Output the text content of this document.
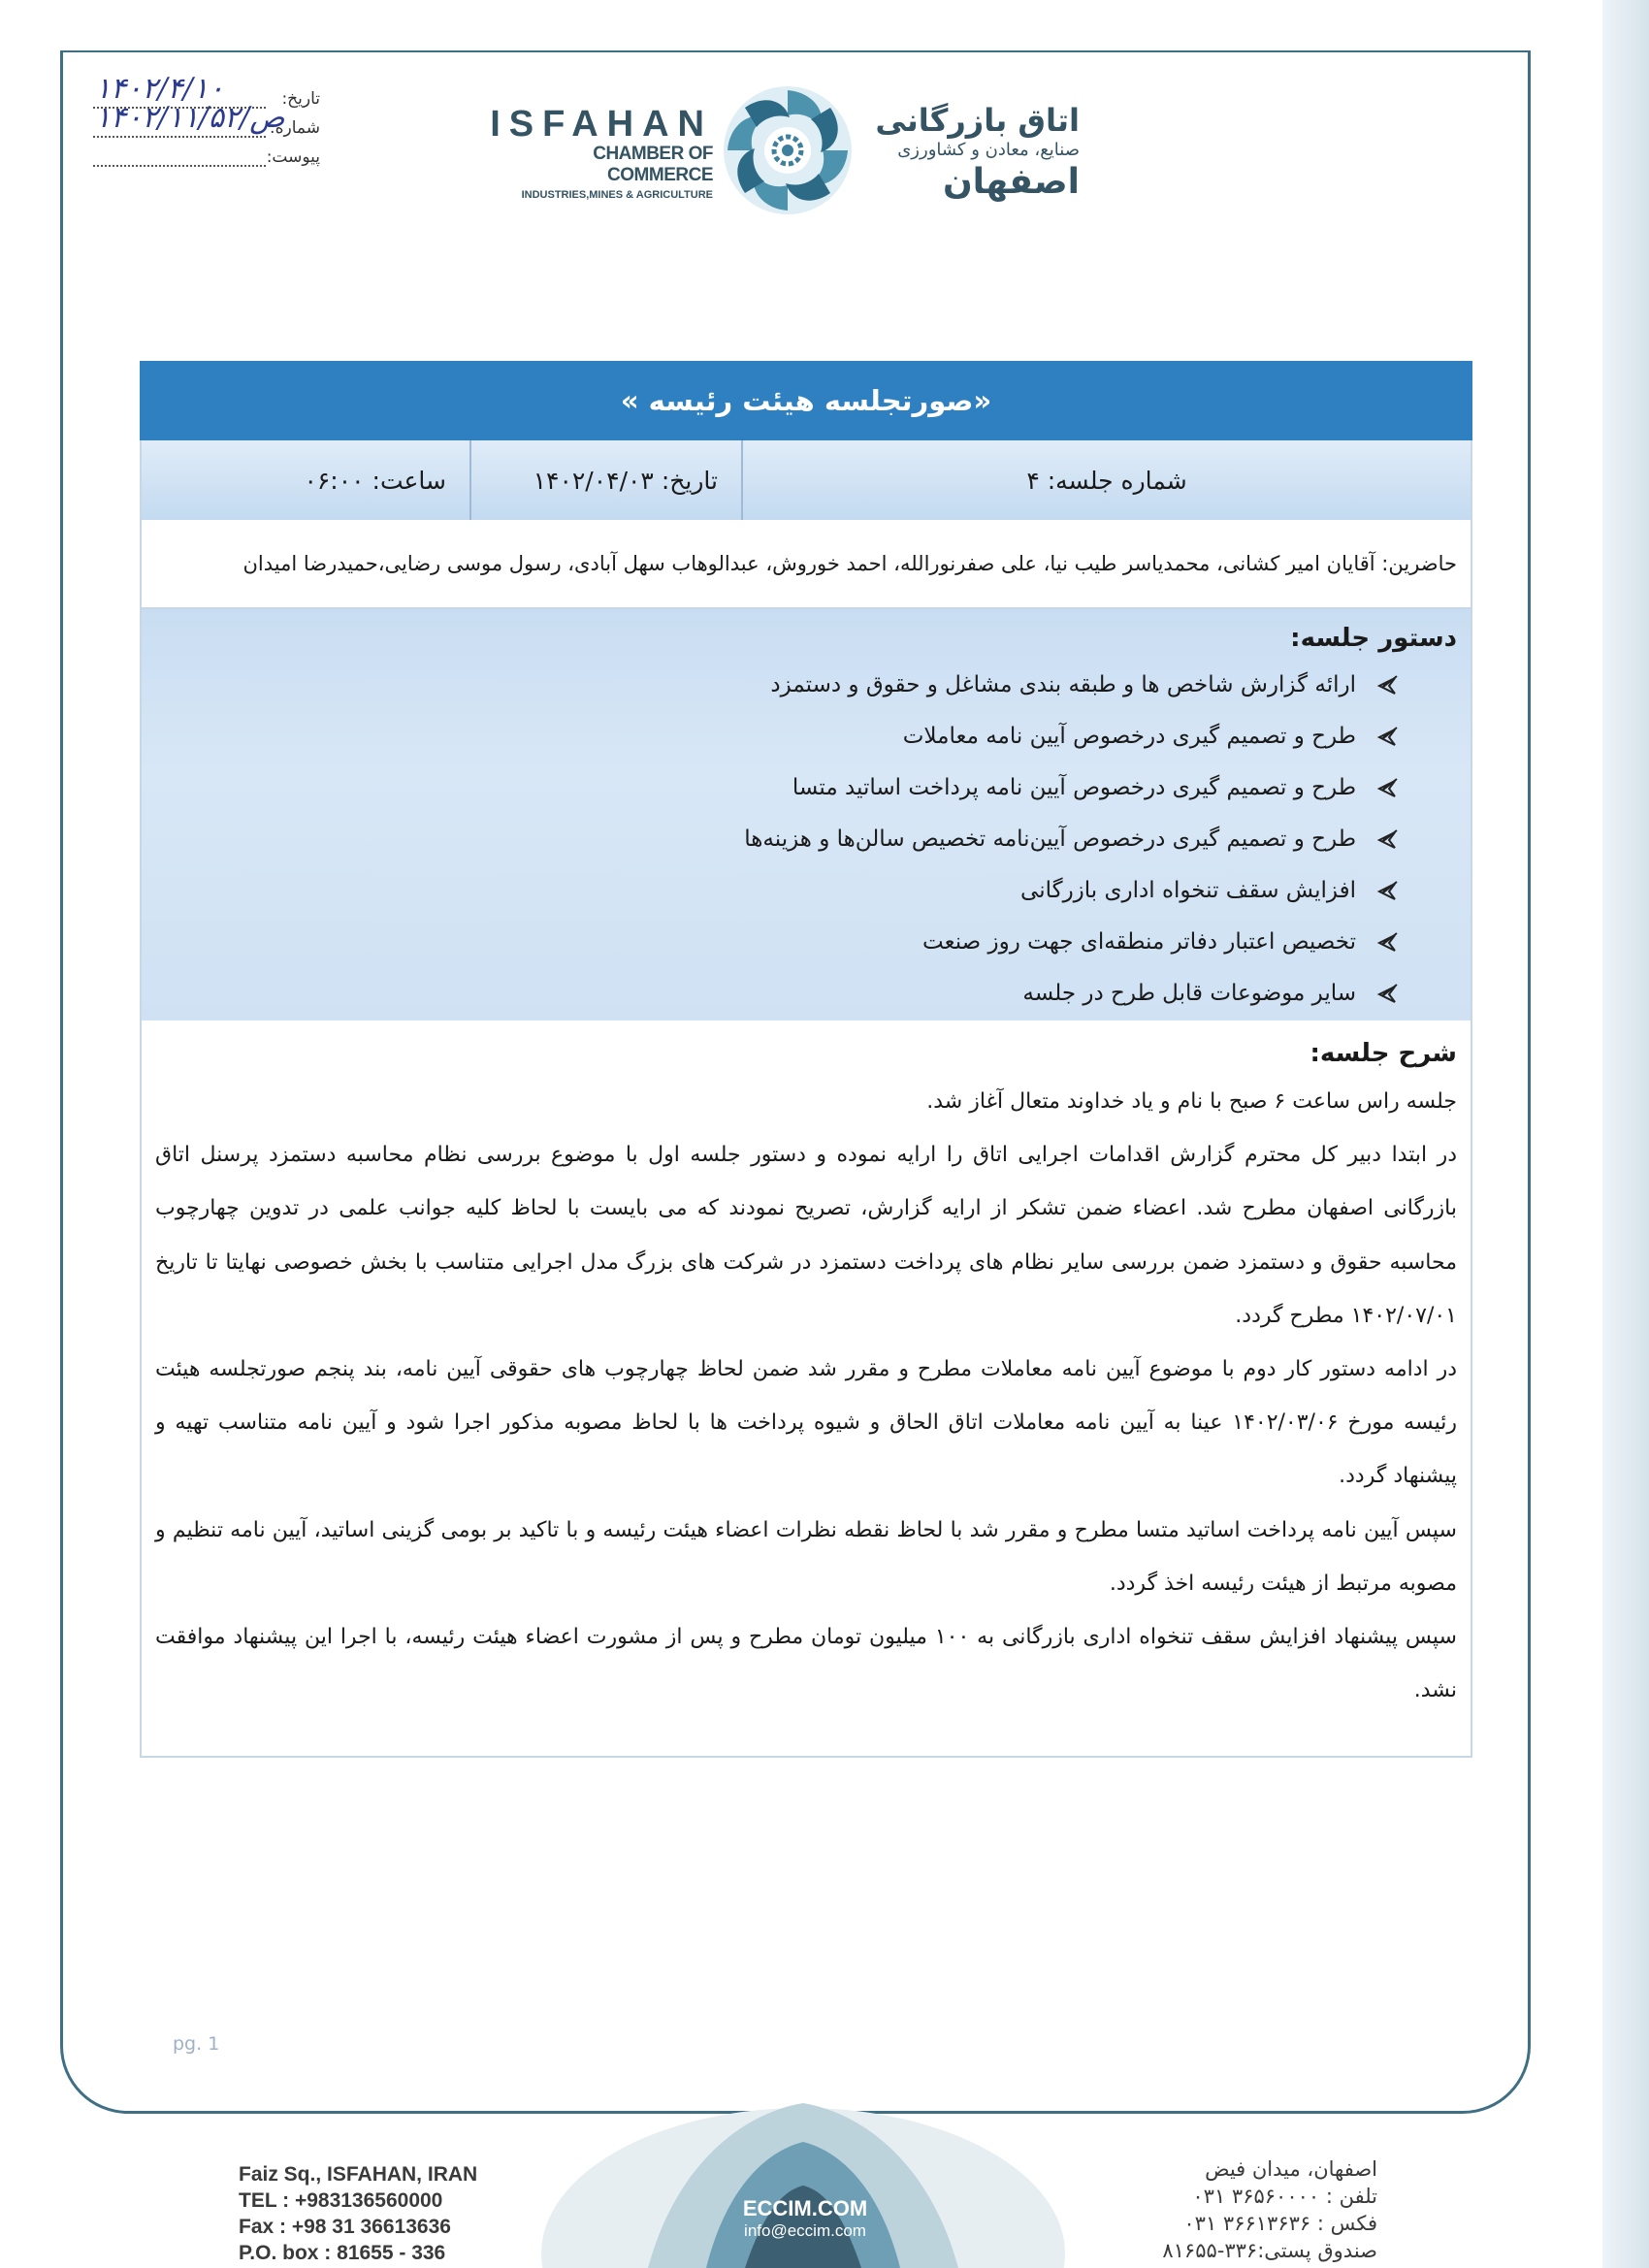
تاریخ:
۱۴۰۲/۴/۱۰
شماره:
۱۴۰۲/ص/۱۱/۵۲
پیوست:
ISFAHAN
CHAMBER OF COMMERCE
INDUSTRIES,MINES & AGRICULTURE
اتاق بازرگانی
صنایع، معادن و کشاورزی
اصفهان
«صورتجلسه هیئت رئیسه »
شماره جلسه: ۴
تاریخ: ۱۴۰۲/۰۴/۰۳
ساعت: ۰۶:۰۰
حاضرین: آقایان امیر کشانی، محمدیاسر طیب نیا، علی صفرنورالله، احمد خوروش، عبدالوهاب سهل آبادی، رسول موسی رضایی،حمیدرضا امیدان
دستور جلسه:
ارائه گزارش شاخص ها و طبقه بندی مشاغل و حقوق و دستمزد
طرح و تصمیم گیری درخصوص آیین نامه معاملات
طرح و تصمیم گیری درخصوص آیین نامه پرداخت اساتید متسا
طرح و تصمیم گیری درخصوص آیین‌نامه تخصیص سالن‌ها و هزینه‌ها
افزایش سقف تنخواه اداری بازرگانی
تخصیص اعتبار دفاتر منطقه‌ای جهت روز صنعت
سایر موضوعات قابل طرح در جلسه
شرح جلسه:

جلسه راس ساعت ۶ صبح با نام و یاد خداوند متعال آغاز شد.

در ابتدا دبیر کل محترم گزارش اقدامات اجرایی اتاق را ارایه نموده و دستور جلسه اول با موضوع بررسی نظام محاسبه دستمزد پرسنل اتاق بازرگانی اصفهان مطرح شد. اعضاء ضمن تشکر از ارایه گزارش، تصریح نمودند که می بایست با لحاظ کلیه جوانب علمی در تدوین چهارچوب محاسبه حقوق و دستمزد ضمن بررسی سایر نظام های پرداخت دستمزد در شرکت های بزرگ مدل اجرایی متناسب با بخش خصوصی نهایتا تا تاریخ ۱۴۰۲/۰۷/۰۱ مطرح گردد.

در ادامه دستور کار دوم با موضوع آیین نامه معاملات مطرح و مقرر شد ضمن لحاظ چهارچوب های حقوقی آیین نامه، بند پنجم صورتجلسه هیئت رئیسه مورخ ۱۴۰۲/۰۳/۰۶ عینا به آیین نامه معاملات اتاق الحاق و شیوه پرداخت ها با لحاظ مصوبه مذکور اجرا شود و آیین نامه متناسب تهیه و پیشنهاد گردد.

سپس آیین نامه پرداخت اساتید متسا مطرح و مقرر شد با لحاظ نقطه نظرات اعضاء هیئت رئیسه و با تاکید بر بومی گزینی اساتید، آیین نامه تنظیم و مصوبه مرتبط از هیئت رئیسه اخذ گردد.

سپس پیشنهاد افزایش سقف تنخواه اداری بازرگانی به ۱۰۰ میلیون تومان مطرح و پس از مشورت اعضاء هیئت رئیسه، با اجرا این پیشنهاد موافقت نشد.

pg. 1
ECCIM.COM
info@eccim.com
Faiz Sq., ISFAHAN, IRAN
TEL : +983136560000
Fax : +98 31 36613636
P.O. box : 81655 - 336
اصفهان، میدان فیض
تلفن : ۳۶۵۶۰۰۰۰ ۰۳۱
فکس : ۳۶۶۱۳۶۳۶ ۰۳۱
صندوق پستی:۳۳۶-۸۱۶۵۵
